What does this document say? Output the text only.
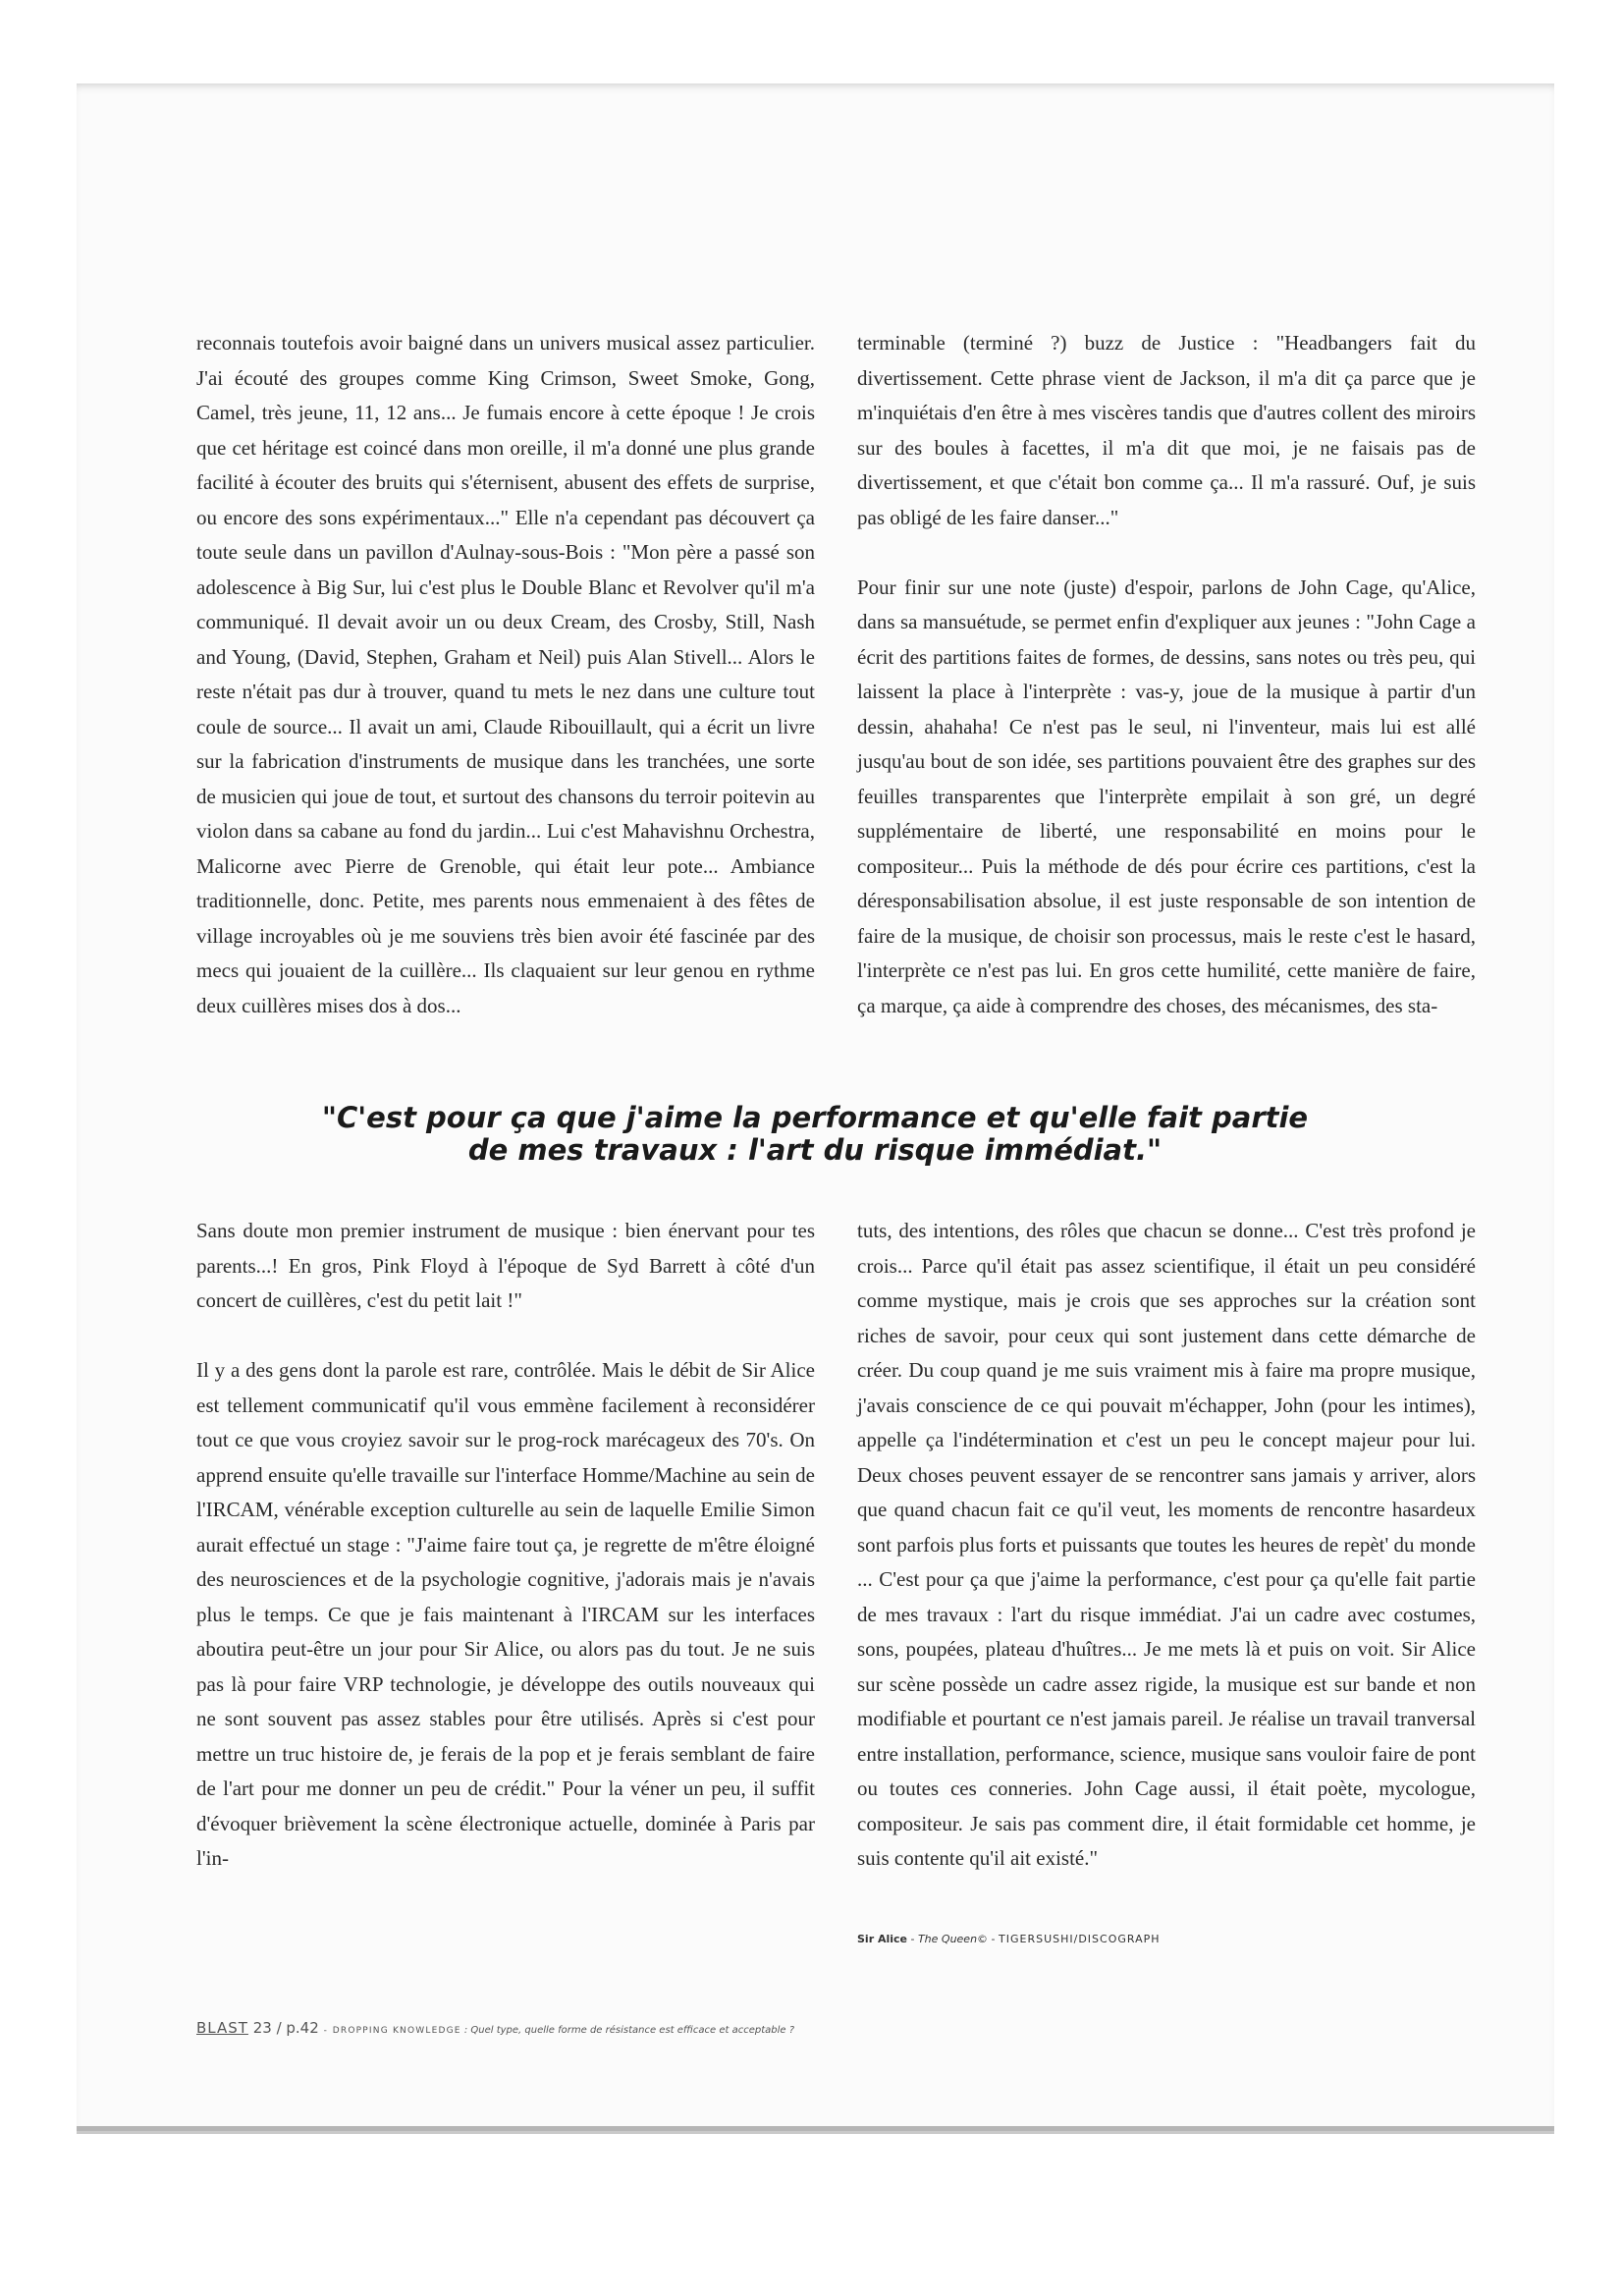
reconnais toutefois avoir baigné dans un univers musical assez particulier. J'ai écouté des groupes comme King Crimson, Sweet Smoke, Gong, Camel, très jeune, 11, 12 ans... Je fumais encore à cette époque ! Je crois que cet héritage est coincé dans mon oreille, il m'a donné une plus grande facilité à écouter des bruits qui s'éternisent, abusent des effets de surprise, ou encore des sons expérimentaux..." Elle n'a cependant pas découvert ça toute seule dans un pavillon d'Aulnay-sous-Bois : "Mon père a passé son adolescence à Big Sur, lui c'est plus le Double Blanc et Revolver qu'il m'a communiqué. Il devait avoir un ou deux Cream, des Crosby, Still, Nash and Young, (David, Stephen, Graham et Neil) puis Alan Stivell... Alors le reste n'était pas dur à trouver, quand tu mets le nez dans une culture tout coule de source... Il avait un ami, Claude Ribouillault, qui a écrit un livre sur la fabrication d'instruments de musique dans les tranchées, une sorte de musicien qui joue de tout, et surtout des chansons du terroir poitevin au violon dans sa cabane au fond du jardin... Lui c'est Mahavishnu Orchestra, Malicorne avec Pierre de Grenoble, qui était leur pote... Ambiance traditionnelle, donc. Petite, mes parents nous emmenaient à des fêtes de village incroyables où je me souviens très bien avoir été fascinée par des mecs qui jouaient de la cuillère... Ils claquaient sur leur genou en rythme deux cuillères mises dos à dos...

terminable (terminé ?) buzz de Justice : "Headbangers fait du divertissement. Cette phrase vient de Jackson, il m'a dit ça parce que je m'inquiétais d'en être à mes viscères tandis que d'autres collent des miroirs sur des boules à facettes, il m'a dit que moi, je ne faisais pas de divertissement, et que c'était bon comme ça... Il m'a rassuré. Ouf, je suis pas obligé de les faire danser..."

Pour finir sur une note (juste) d'espoir, parlons de John Cage, qu'Alice, dans sa mansuétude, se permet enfin d'expliquer aux jeunes : "John Cage a écrit des partitions faites de formes, de dessins, sans notes ou très peu, qui laissent la place à l'interprète : vas-y, joue de la musique à partir d'un dessin, ahahaha! Ce n'est pas le seul, ni l'inventeur, mais lui est allé jusqu'au bout de son idée, ses partitions pouvaient être des graphes sur des feuilles transparentes que l'interprète empilait à son gré, un degré supplémentaire de liberté, une responsabilité en moins pour le compositeur... Puis la méthode de dés pour écrire ces partitions, c'est la déresponsabilisation absolue, il est juste responsable de son intention de faire de la musique, de choisir son processus, mais le reste c'est le hasard, l'interprète ce n'est pas lui. En gros cette humilité, cette manière de faire, ça marque, ça aide à comprendre des choses, des mécanismes, des sta-

"C'est pour ça que j'aime la performance et qu'elle fait partie
de mes travaux : l'art du risque immédiat."

Sans doute mon premier instrument de musique : bien énervant pour tes parents...! En gros, Pink Floyd à l'époque de Syd Barrett à côté d'un concert de cuillères, c'est du petit lait !"

Il y a des gens dont la parole est rare, contrôlée. Mais le débit de Sir Alice est tellement communicatif qu'il vous emmène facilement à reconsidérer tout ce que vous croyiez savoir sur le prog-rock marécageux des 70's. On apprend ensuite qu'elle travaille sur l'interface Homme/Machine au sein de l'IRCAM, vénérable exception culturelle au sein de laquelle Emilie Simon aurait effectué un stage : "J'aime faire tout ça, je regrette de m'être éloigné des neurosciences et de la psychologie cognitive, j'adorais mais je n'avais plus le temps. Ce que je fais maintenant à l'IRCAM sur les interfaces aboutira peut-être un jour pour Sir Alice, ou alors pas du tout. Je ne suis pas là pour faire VRP technologie, je développe des outils nouveaux qui ne sont souvent pas assez stables pour être utilisés. Après si c'est pour mettre un truc histoire de, je ferais de la pop et je ferais semblant de faire de l'art pour me donner un peu de crédit." Pour la véner un peu, il suffit d'évoquer brièvement la scène électronique actuelle, dominée à Paris par l'in-

tuts, des intentions, des rôles que chacun se donne... C'est très profond je crois... Parce qu'il était pas assez scientifique, il était un peu considéré comme mystique, mais je crois que ses approches sur la création sont riches de savoir, pour ceux qui sont justement dans cette démarche de créer. Du coup quand je me suis vraiment mis à faire ma propre musique, j'avais conscience de ce qui pouvait m'échapper, John (pour les intimes), appelle ça l'indétermination et c'est un peu le concept majeur pour lui. Deux choses peuvent essayer de se rencontrer sans jamais y arriver, alors que quand chacun fait ce qu'il veut, les moments de rencontre hasardeux sont parfois plus forts et puissants que toutes les heures de repèt' du monde ... C'est pour ça que j'aime la performance, c'est pour ça qu'elle fait partie de mes travaux : l'art du risque immédiat. J'ai un cadre avec costumes, sons, poupées, plateau d'huîtres... Je me mets là et puis on voit. Sir Alice sur scène possède un cadre assez rigide, la musique est sur bande et non modifiable et pourtant ce n'est jamais pareil. Je réalise un travail tranversal entre installation, performance, science, musique sans vouloir faire de pont ou toutes ces conneries. John Cage aussi, il était poète, mycologue, compositeur. Je sais pas comment dire, il était formidable cet homme, je suis contente qu'il ait existé."

Sir Alice - The Queen© - TIGERSUSHI/DISCOGRAPH
BLAST 23 / p.42 - DROPPING KNOWLEDGE : Quel type, quelle forme de résistance est efficace et acceptable ?
